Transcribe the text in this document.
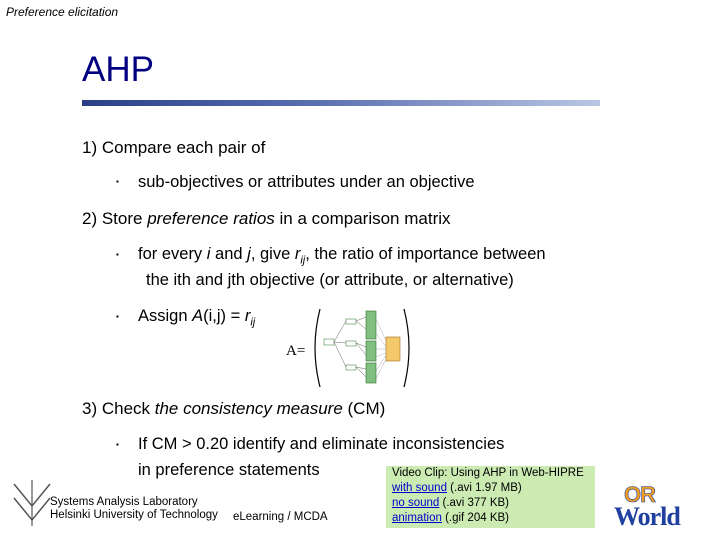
Preference elicitation
AHP
1) Compare each pair of
▪ sub-objectives or attributes under an objective
2) Store preference ratios in a comparison matrix
▪ for every i and j, give $r_{ij}$, the ratio of importance between
the ith and jth objective (or attribute, or alternative)
▪ Assign $A(i,j) = r_{ij}$
A=
3) Check the consistency measure (CM)
▪ If CM > 0.20 identify and eliminate inconsistencies
in preference statements	Video Clip: Using AHP in Web-HIPRE
with sound (.avi 1.97 MB)
no sound (.avi 377 KB)
animation (.gif 204 KB)
Systems Analysis Laboratory
Helsinki University of Technology eLearning / MCDA
OR
World
